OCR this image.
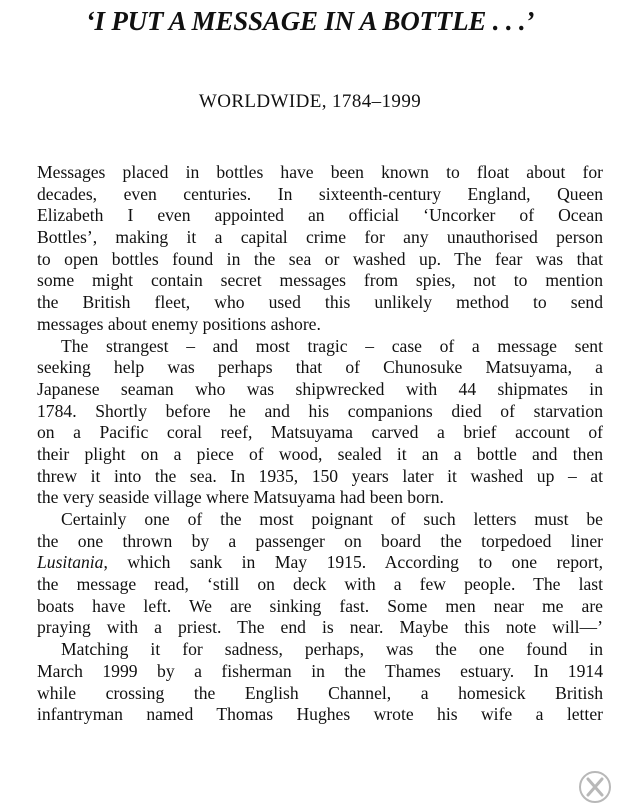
‘I PUT A MESSAGE IN A BOTTLE . . .’
WORLDWIDE, 1784–1999
Messages placed in bottles have been known to float about for
decades, even centuries. In sixteenth-century England, Queen
Elizabeth I even appointed an official ‘Uncorker of Ocean
Bottles’, making it a capital crime for any unauthorised person
to open bottles found in the sea or washed up. The fear was that
some might contain secret messages from spies, not to mention
the British fleet, who used this unlikely method to send
messages about enemy positions ashore.
The strangest – and most tragic – case of a message sent
seeking help was perhaps that of Chunosuke Matsuyama, a
Japanese seaman who was shipwrecked with 44 shipmates in
1784. Shortly before he and his companions died of starvation
on a Pacific coral reef, Matsuyama carved a brief account of
their plight on a piece of wood, sealed it an a bottle and then
threw it into the sea. In 1935, 150 years later it washed up – at
the very seaside village where Matsuyama had been born.
Certainly one of the most poignant of such letters must be
the one thrown by a passenger on board the torpedoed liner
Lusitania, which sank in May 1915. According to one report,
the message read, ‘still on deck with a few people. The last
boats have left. We are sinking fast. Some men near me are
praying with a priest. The end is near. Maybe this note will—’
Matching it for sadness, perhaps, was the one found in
March 1999 by a fisherman in the Thames estuary. In 1914
while crossing the English Channel, a homesick British
infantryman named Thomas Hughes wrote his wife a letter
